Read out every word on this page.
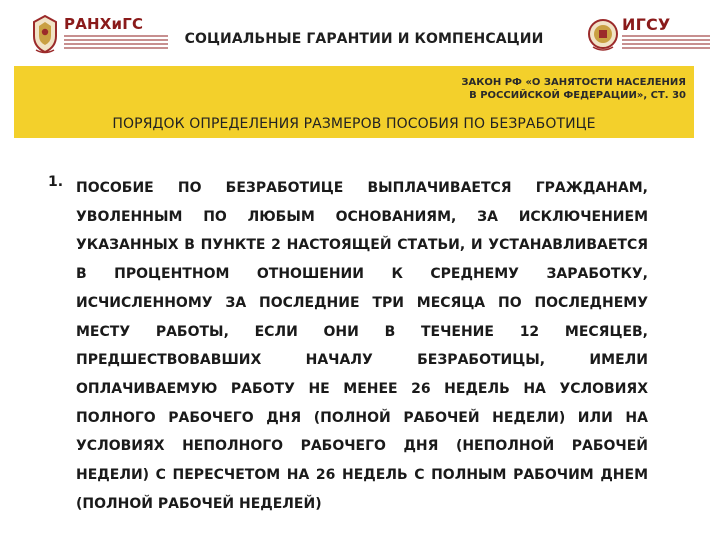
РАНХиГС
СОЦИАЛЬНЫЕ ГАРАНТИИ И КОМПЕНСАЦИИ
ИГСУ
ЗАКОН РФ «О ЗАНЯТОСТИ НАСЕЛЕНИЯ
В РОССИЙСКОЙ ФЕДЕРАЦИИ», СТ. 30
ПОРЯДОК ОПРЕДЕЛЕНИЯ РАЗМЕРОВ ПОСОБИЯ ПО БЕЗРАБОТИЦЕ
1. ПОСОБИЕ ПО БЕЗРАБОТИЦЕ ВЫПЛАЧИВАЕТСЯ ГРАЖДАНАМ, УВОЛЕННЫМ ПО ЛЮБЫМ ОСНОВАНИЯМ, ЗА ИСКЛЮЧЕНИЕМ УКАЗАННЫХ В ПУНКТЕ 2 НАСТОЯЩЕЙ СТАТЬИ, И УСТАНАВЛИВАЕТСЯ В ПРОЦЕНТНОМ ОТНОШЕНИИ К СРЕДНЕМУ ЗАРАБОТКУ, ИСЧИСЛЕННОМУ ЗА ПОСЛЕДНИЕ ТРИ МЕСЯЦА ПО ПОСЛЕДНЕМУ МЕСТУ РАБОТЫ, ЕСЛИ ОНИ В ТЕЧЕНИЕ 12 МЕСЯЦЕВ, ПРЕДШЕСТВОВАВШИХ НАЧАЛУ БЕЗРАБОТИЦЫ, ИМЕЛИ ОПЛАЧИВАЕМУЮ РАБОТУ НЕ МЕНЕЕ 26 НЕДЕЛЬ НА УСЛОВИЯХ ПОЛНОГО РАБОЧЕГО ДНЯ (ПОЛНОЙ РАБОЧЕЙ НЕДЕЛИ) ИЛИ НА УСЛОВИЯХ НЕПОЛНОГО РАБОЧЕГО ДНЯ (НЕПОЛНОЙ РАБОЧЕЙ НЕДЕЛИ) С ПЕРЕСЧЕТОМ НА 26 НЕДЕЛЬ С ПОЛНЫМ РАБОЧИМ ДНЕМ (ПОЛНОЙ РАБОЧЕЙ НЕДЕЛЕЙ)
